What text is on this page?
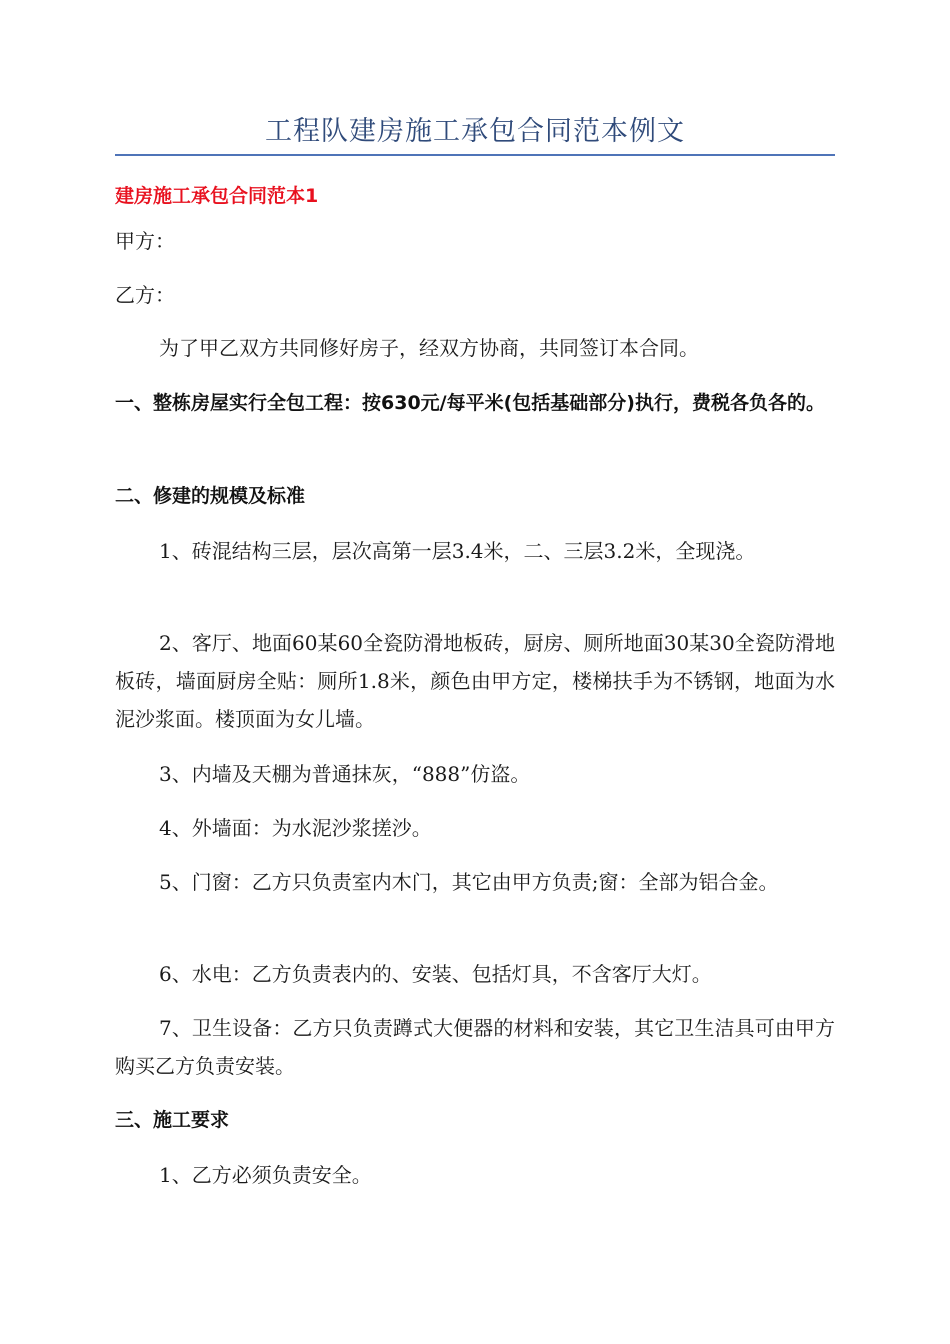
工程队建房施工承包合同范本例文
建房施工承包合同范本1

甲方：

乙方：

为了甲乙双方共同修好房子，经双方协商，共同签订本合同。

一、整栋房屋实行全包工程：按630元/每平米(包括基础部分)执行，费税各负各的。

二、修建的规模及标准

1、砖混结构三层，层次高第一层3.4米，二、三层3.2米，全现浇。

2、客厅、地面60某60全瓷防滑地板砖，厨房、厕所地面30某30全瓷防滑地板砖，墙面厨房全贴：厕所1.8米，颜色由甲方定，楼梯扶手为不锈钢，地面为水泥沙浆面。楼顶面为女儿墙。

3、内墙及天棚为普通抹灰，“888”仿盗。

4、外墙面：为水泥沙浆搓沙。

5、门窗：乙方只负责室内木门，其它由甲方负责;窗：全部为铝合金。

6、水电：乙方负责表内的、安装、包括灯具，不含客厅大灯。

7、卫生设备：乙方只负责蹲式大便器的材料和安装，其它卫生洁具可由甲方购买乙方负责安装。

三、施工要求

1、乙方必须负责安全。
